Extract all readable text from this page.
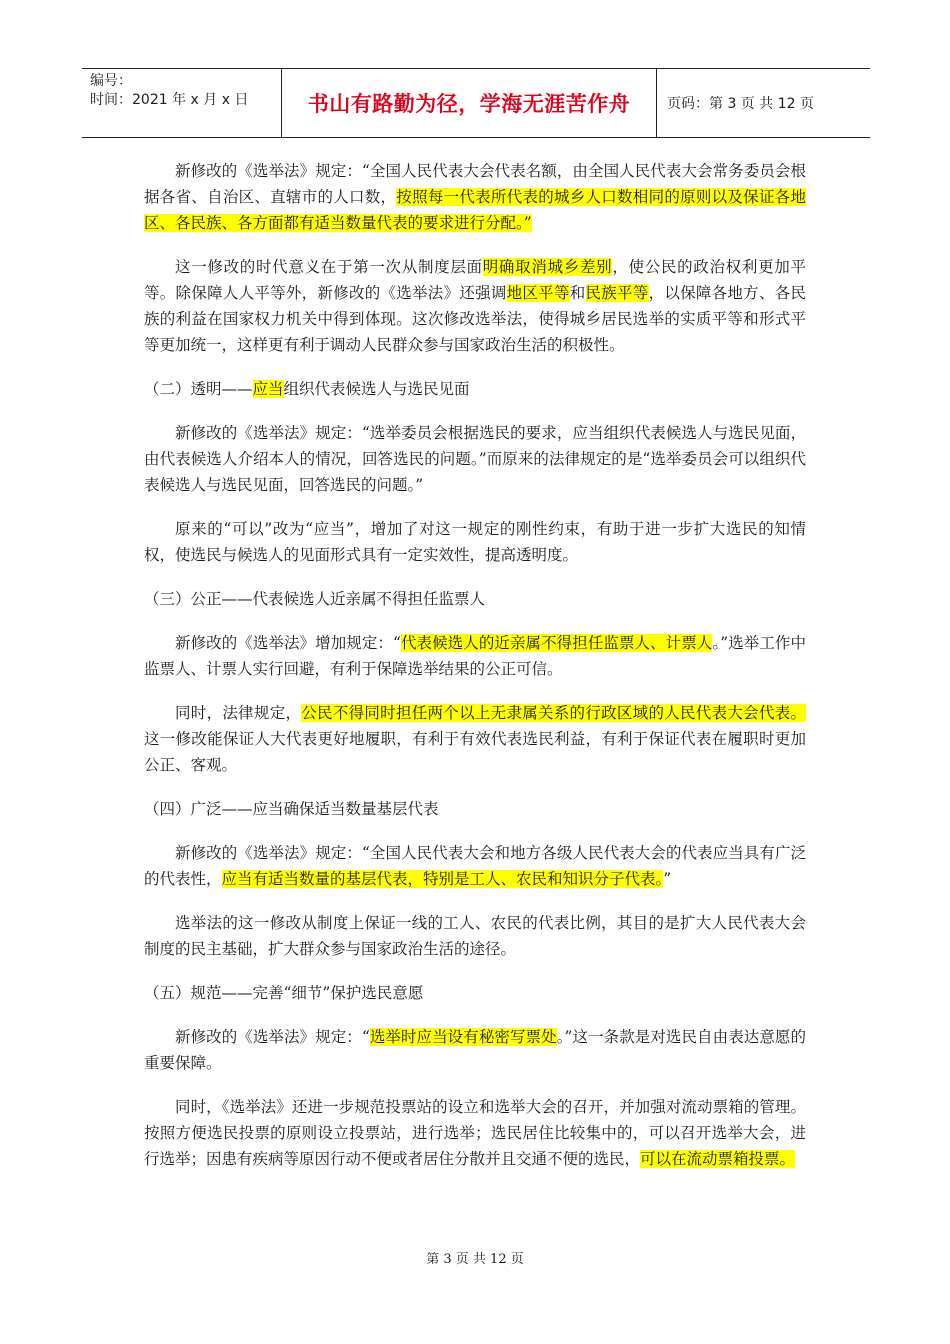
编号：
时间：2021 年 x 月 x 日	书山有路勤为径，学海无涯苦作舟	页码：第 3 页 共 12 页

新修改的《选举法》规定：“全国人民代表大会代表名额，由全国人民代表大会常务委员会根据各省、自治区、直辖市的人口数，按照每一代表所代表的城乡人口数相同的原则以及保证各地区、各民族、各方面都有适当数量代表的要求进行分配。”

这一修改的时代意义在于第一次从制度层面明确取消城乡差别，使公民的政治权利更加平等。除保障人人平等外，新修改的《选举法》还强调地区平等和民族平等，以保障各地方、各民族的利益在国家权力机关中得到体现。这次修改选举法，使得城乡居民选举的实质平等和形式平等更加统一，这样更有利于调动人民群众参与国家政治生活的积极性。

（二）透明——应当组织代表候选人与选民见面

新修改的《选举法》规定：“选举委员会根据选民的要求，应当组织代表候选人与选民见面，由代表候选人介绍本人的情况，回答选民的问题。”而原来的法律规定的是“选举委员会可以组织代表候选人与选民见面，回答选民的问题。”

原来的“可以”改为“应当”，增加了对这一规定的刚性约束，有助于进一步扩大选民的知情权，使选民与候选人的见面形式具有一定实效性，提高透明度。

（三）公正——代表候选人近亲属不得担任监票人

新修改的《选举法》增加规定：“代表候选人的近亲属不得担任监票人、计票人。”选举工作中监票人、计票人实行回避，有利于保障选举结果的公正可信。

同时，法律规定，公民不得同时担任两个以上无隶属关系的行政区域的人民代表大会代表。这一修改能保证人大代表更好地履职，有利于有效代表选民利益，有利于保证代表在履职时更加公正、客观。

（四）广泛——应当确保适当数量基层代表

新修改的《选举法》规定：“全国人民代表大会和地方各级人民代表大会的代表应当具有广泛的代表性，应当有适当数量的基层代表，特别是工人、农民和知识分子代表。”

选举法的这一修改从制度上保证一线的工人、农民的代表比例，其目的是扩大人民代表大会制度的民主基础，扩大群众参与国家政治生活的途径。

（五）规范——完善“细节”保护选民意愿

新修改的《选举法》规定：“选举时应当设有秘密写票处。”这一条款是对选民自由表达意愿的重要保障。

同时，《选举法》还进一步规范投票站的设立和选举大会的召开，并加强对流动票箱的管理。按照方便选民投票的原则设立投票站，进行选举；选民居住比较集中的，可以召开选举大会，进行选举；因患有疾病等原因行动不便或者居住分散并且交通不便的选民，可以在流动票箱投票。

第 3 页 共 12 页
